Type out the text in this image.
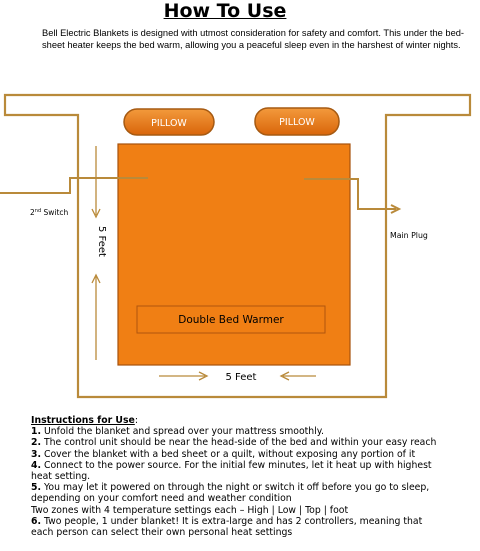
How To Use
Bell Electric Blankets is designed with utmost consideration for safety and comfort. This under the bed-sheet heater keeps the bed warm, allowing you a peaceful sleep even in the harshest of winter nights.
PILLOW	PILLOW
Double Bed Warmer
2nd Switch
Main Plug
5 Feet
5 Feet
Instructions for Use:
1. Unfold the blanket and spread over your mattress smoothly.
2. The control unit should be near the head-side of the bed and within your easy reach
3. Cover the blanket with a bed sheet or a quilt, without exposing any portion of it
4. Connect to the power source. For the initial few minutes, let it heat up with highest
heat setting.
5. You may let it powered on through the night or switch it off before you go to sleep,
depending on your comfort need and weather condition
Two zones with 4 temperature settings each – High | Low | Top | foot
6. Two people, 1 under blanket! It is extra-large and has 2 controllers, meaning that
each person can select their own personal heat settings
